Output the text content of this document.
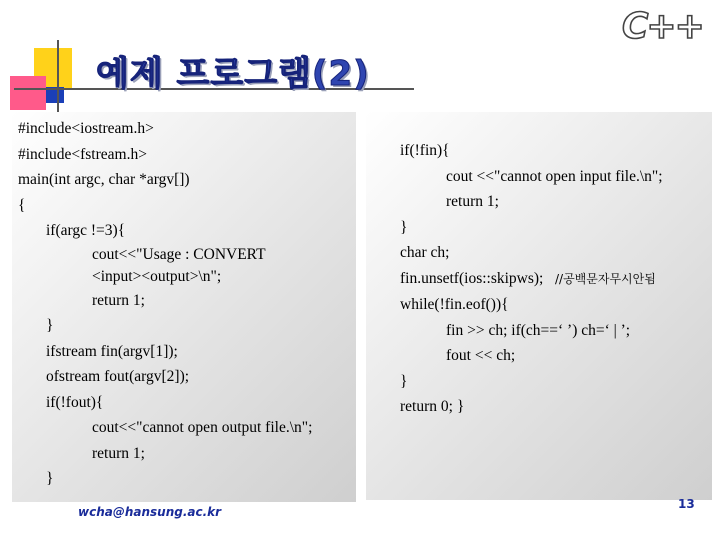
C++
예제 프로그램(2)
#include<iostream.h>
#include<fstream.h>
main(int argc, char *argv[])
{
if(argc !=3){
cout<<"Usage : CONVERT
<input><output>\n";
return 1;
}
ifstream fin(argv[1]);
ofstream fout(argv[2]);
if(!fout){
cout<<"cannot open output file.\n";
return 1;
}
if(!fin){
cout <<"cannot open input file.\n";
return 1;
}
char ch;
fin.unsetf(ios::skipws); //공백문자무시안됨
while(!fin.eof()){
fin >> ch; if(ch==‘ ’) ch=‘ | ’;
fout << ch;
}
return 0; }
wcha@hansung.ac.kr
13
